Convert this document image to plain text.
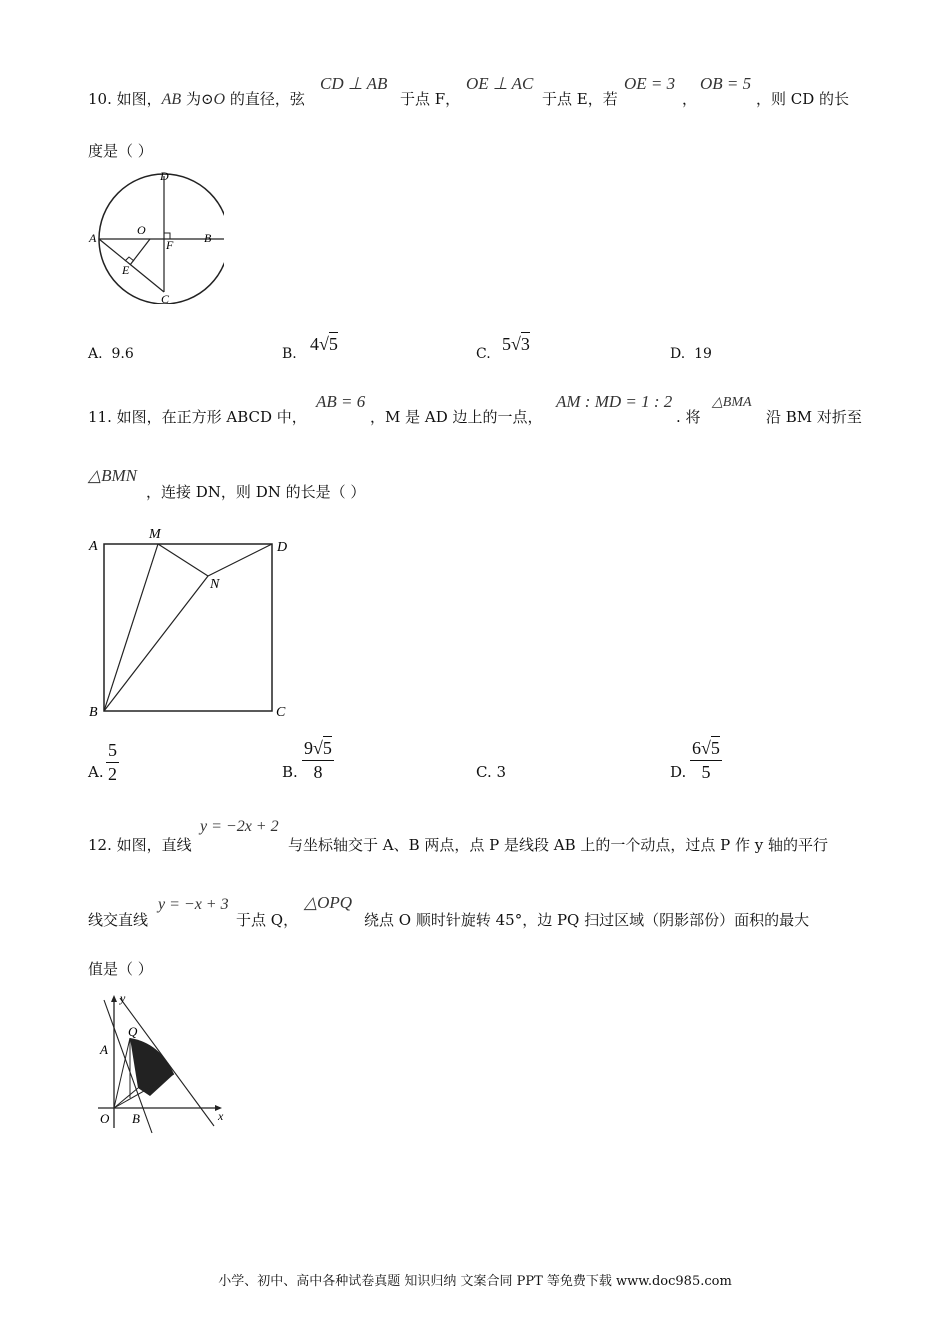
10. 如图，AB 为⊙O 的直径，弦
CD ⊥ AB
于点 F，
OE ⊥ AC
于点 E，若
OE = 3
，
OB = 5
，则 CD 的长
度是（ ）
A	B
C
D
O
E
F
A. 9.6	B. 4√5	C. 5√3	D. 19
11. 如图，在正方形 ABCD 中，
AB = 6
，M 是 AD 边上的一点，
AM : MD = 1 : 2
. 将
△BMA
沿 BM 对折至
△BMN
，连接 DN，则 DN 的长是（ ）
A
M
D
N
B	C
A.
5
2	B.
9√5
8	C. 3	D.
6√5
5
12. 如图，直线
y = −2x + 2
与坐标轴交于 A、B 两点，点 P 是线段 AB 上的一个动点，过点 P 作 y 轴的平行
线交直线
y = −x + 3
于点 Q，
△OPQ
绕点 O 顺时针旋转 45°，边 PQ 扫过区域（阴影部份）面积的最大
值是（ ）
y
x
O
Q
A
B
小学、初中、高中各种试卷真题 知识归纳 文案合同 PPT 等免费下载 www.doc985.com
